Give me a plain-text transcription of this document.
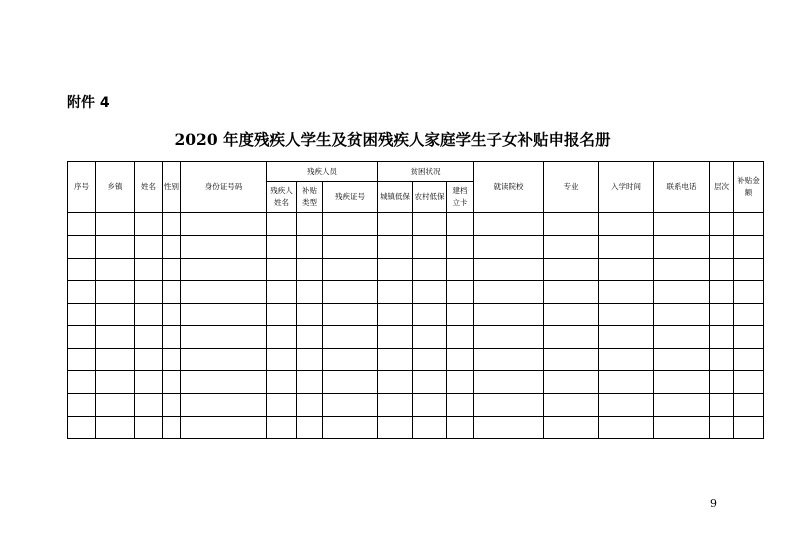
附件 4
2020 年度残疾人学生及贫困残疾人家庭学生子女补贴申报名册
序号	乡镇	姓名	性别	身份证号码	残疾人员			贫困状况			就读院校	专业	入学时间	联系电话	层次	补贴金额
					残疾人姓名	补贴类型	残疾证号	城镇低保	农村低保	建档立卡						

9
